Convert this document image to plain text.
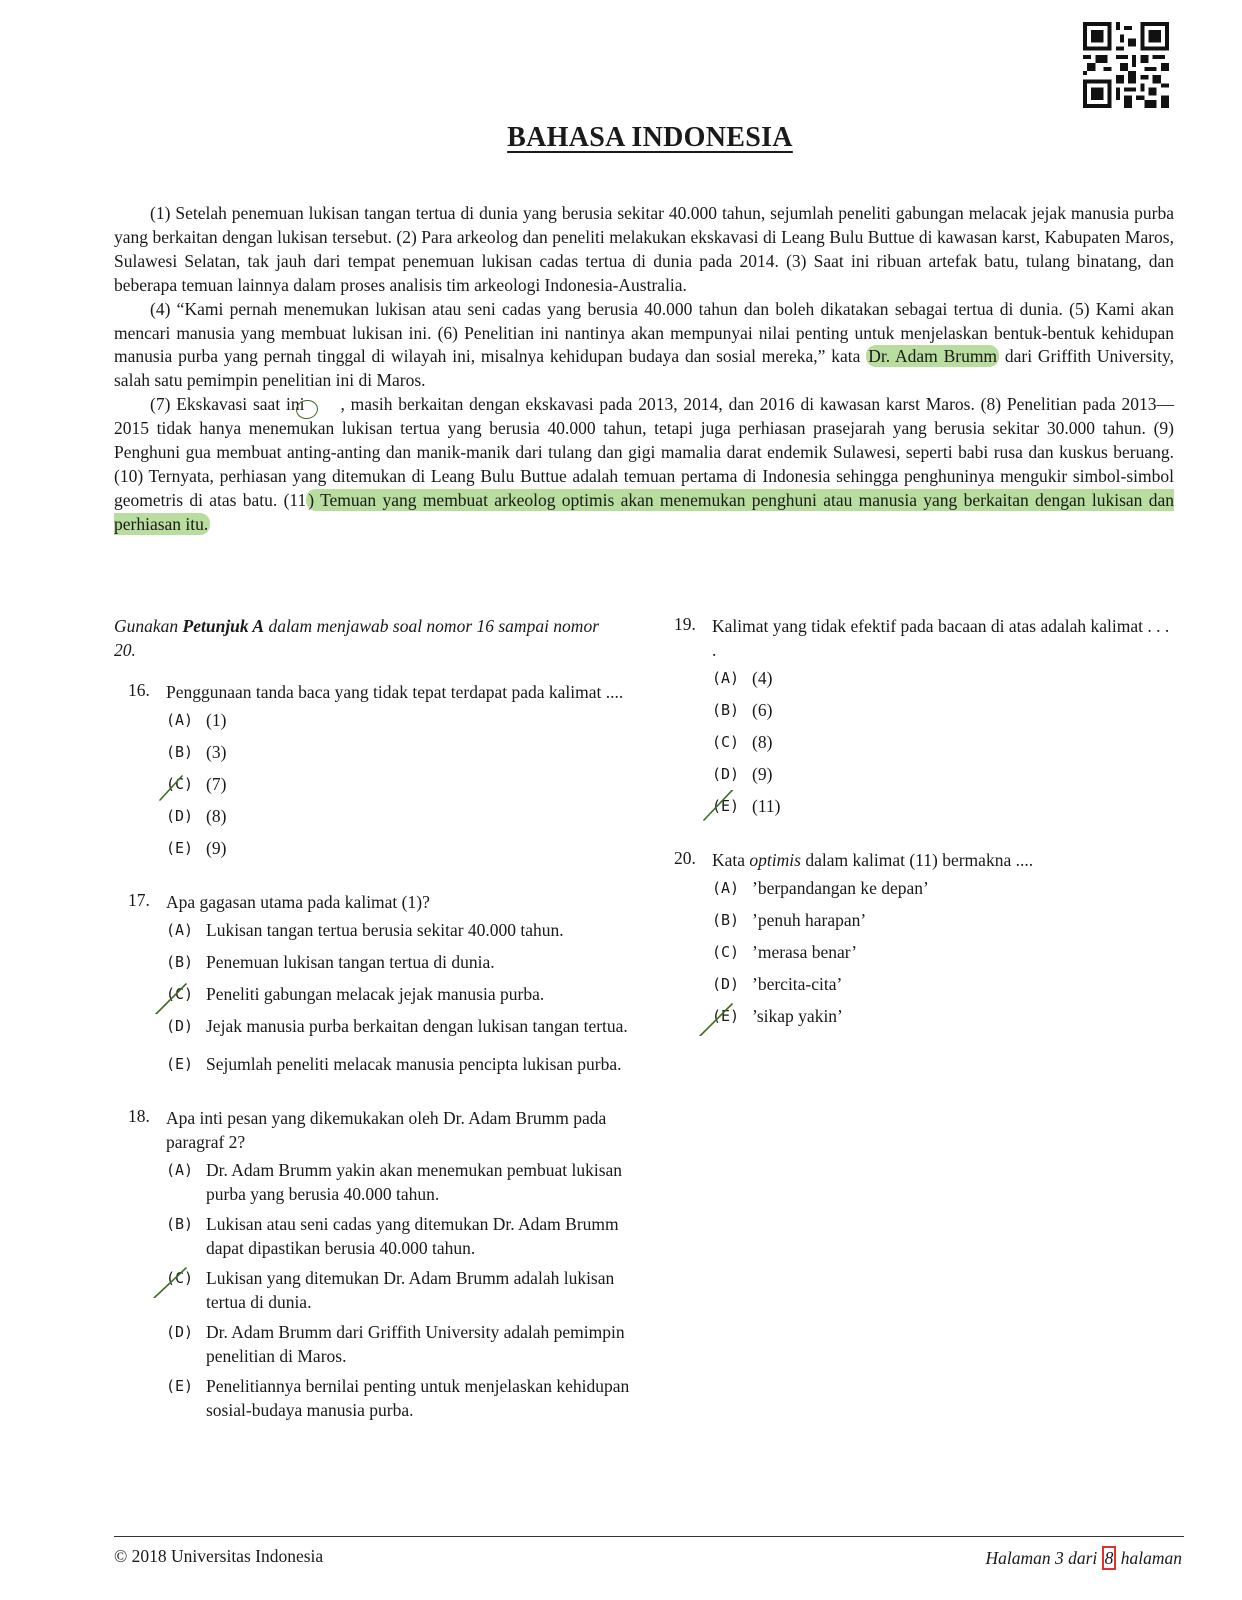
BAHASA INDONESIA

(1) Setelah penemuan lukisan tangan tertua di dunia yang berusia sekitar 40.000 tahun, sejumlah peneliti gabungan melacak jejak manusia purba yang berkaitan dengan lukisan tersebut. (2) Para arkeolog dan peneliti melakukan ekskavasi di Leang Bulu Buttue di kawasan karst, Kabupaten Maros, Sulawesi Selatan, tak jauh dari tempat penemuan lukisan cadas tertua di dunia pada 2014. (3) Saat ini ribuan artefak batu, tulang binatang, dan beberapa temuan lainnya dalam proses analisis tim arkeologi Indonesia-Australia.

(4) “Kami pernah menemukan lukisan atau seni cadas yang berusia 40.000 tahun dan boleh dikatakan sebagai tertua di dunia. (5) Kami akan mencari manusia yang membuat lukisan ini. (6) Penelitian ini nantinya akan mempunyai nilai penting untuk menjelaskan bentuk-bentuk kehidupan manusia purba yang pernah tinggal di wilayah ini, misalnya kehidupan budaya dan sosial mereka,” kata Dr. Adam Brumm dari Griffith University, salah satu pemimpin penelitian ini di Maros.

(7) Ekskavasi saat ini , masih berkaitan dengan ekskavasi pada 2013, 2014, dan 2016 di kawasan karst Maros. (8) Penelitian pada 2013—2015 tidak hanya menemukan lukisan tertua yang berusia 40.000 tahun, tetapi juga perhiasan prasejarah yang berusia sekitar 30.000 tahun. (9) Penghuni gua membuat anting-anting dan manik-manik dari tulang dan gigi mamalia darat endemik Sulawesi, seperti babi rusa dan kuskus beruang. (10) Ternyata, perhiasan yang ditemukan di Leang Bulu Buttue adalah temuan pertama di Indonesia sehingga penghuninya mengukir simbol-simbol geometris di atas batu. (11 ) Temuan yang membuat arkeolog optimis akan menemukan penghuni atau manusia yang berkaitan dengan lukisan dan perhiasan itu.

Gunakan Petunjuk A dalam menjawab soal nomor 16 sampai nomor 20.
16. Penggunaan tanda baca yang tidak tepat terdapat pada kalimat ....
(A) (1)
(B) (3)
(C) (7)
(D) (8)
(E) (9)
17. Apa gagasan utama pada kalimat (1)?
(A) Lukisan tangan tertua berusia sekitar 40.000 tahun.
(B) Penemuan lukisan tangan tertua di dunia.
(C) Peneliti gabungan melacak jejak manusia purba.
(D) Jejak manusia purba berkaitan dengan lukisan tangan tertua.
(E) Sejumlah peneliti melacak manusia pencipta lukisan purba.
18. Apa inti pesan yang dikemukakan oleh Dr. Adam Brumm pada paragraf 2?
(A) Dr. Adam Brumm yakin akan menemukan pembuat lukisan purba yang berusia 40.000 tahun.
(B) Lukisan atau seni cadas yang ditemukan Dr. Adam Brumm dapat dipastikan berusia 40.000 tahun.
(C) Lukisan yang ditemukan Dr. Adam Brumm adalah lukisan tertua di dunia.
(D) Dr. Adam Brumm dari Griffith University adalah pemimpin penelitian di Maros.
(E) Penelitiannya bernilai penting untuk menjelaskan kehidupan sosial-budaya manusia purba.
19. Kalimat yang tidak efektif pada bacaan di atas adalah kalimat . . . .
(A) (4)
(B) (6)
(C) (8)
(D) (9)
(E) (11)
20. Kata optimis dalam kalimat (11) bermakna ....
(A) ’berpandangan ke depan’
(B) ’penuh harapan’
(C) ’merasa benar’
(D) ’bercita-cita’
(E) ’sikap yakin’
© 2018 Universitas Indonesia	Halaman 3 dari 8 halaman
